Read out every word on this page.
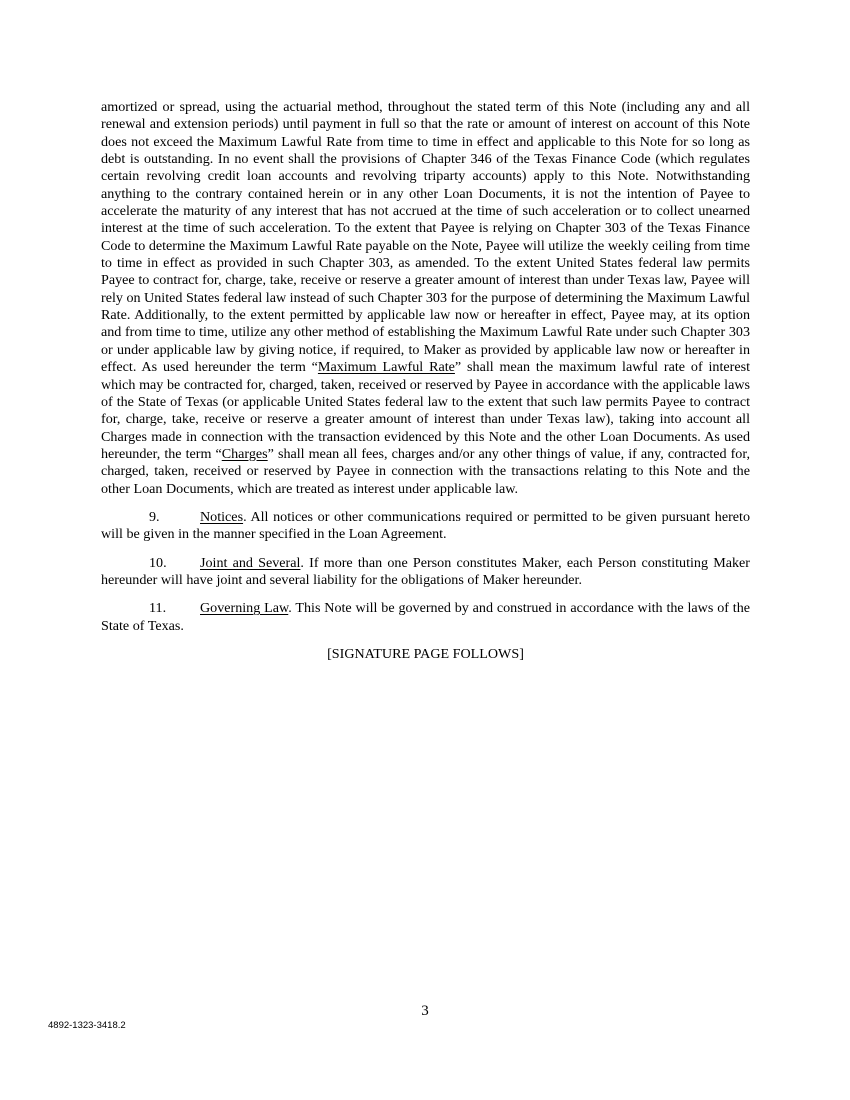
amortized or spread, using the actuarial method, throughout the stated term of this Note (including any and all renewal and extension periods) until payment in full so that the rate or amount of interest on account of this Note does not exceed the Maximum Lawful Rate from time to time in effect and applicable to this Note for so long as debt is outstanding. In no event shall the provisions of Chapter 346 of the Texas Finance Code (which regulates certain revolving credit loan accounts and revolving triparty accounts) apply to this Note. Notwithstanding anything to the contrary contained herein or in any other Loan Documents, it is not the intention of Payee to accelerate the maturity of any interest that has not accrued at the time of such acceleration or to collect unearned interest at the time of such acceleration. To the extent that Payee is relying on Chapter 303 of the Texas Finance Code to determine the Maximum Lawful Rate payable on the Note, Payee will utilize the weekly ceiling from time to time in effect as provided in such Chapter 303, as amended. To the extent United States federal law permits Payee to contract for, charge, take, receive or reserve a greater amount of interest than under Texas law, Payee will rely on United States federal law instead of such Chapter 303 for the purpose of determining the Maximum Lawful Rate. Additionally, to the extent permitted by applicable law now or hereafter in effect, Payee may, at its option and from time to time, utilize any other method of establishing the Maximum Lawful Rate under such Chapter 303 or under applicable law by giving notice, if required, to Maker as provided by applicable law now or hereafter in effect. As used hereunder the term “Maximum Lawful Rate” shall mean the maximum lawful rate of interest which may be contracted for, charged, taken, received or reserved by Payee in accordance with the applicable laws of the State of Texas (or applicable United States federal law to the extent that such law permits Payee to contract for, charge, take, receive or reserve a greater amount of interest than under Texas law), taking into account all Charges made in connection with the transaction evidenced by this Note and the other Loan Documents. As used hereunder, the term “Charges” shall mean all fees, charges and/or any other things of value, if any, contracted for, charged, taken, received or reserved by Payee in connection with the transactions relating to this Note and the other Loan Documents, which are treated as interest under applicable law.

9.	Notices. All notices or other communications required or permitted to be given pursuant hereto will be given in the manner specified in the Loan Agreement.

10. Joint and Several. If more than one Person constitutes Maker, each Person constituting Maker hereunder will have joint and several liability for the obligations of Maker hereunder.

11. Governing Law. This Note will be governed by and construed in accordance with the laws of the State of Texas.

[SIGNATURE PAGE FOLLOWS]

3
4892-1323-3418.2
